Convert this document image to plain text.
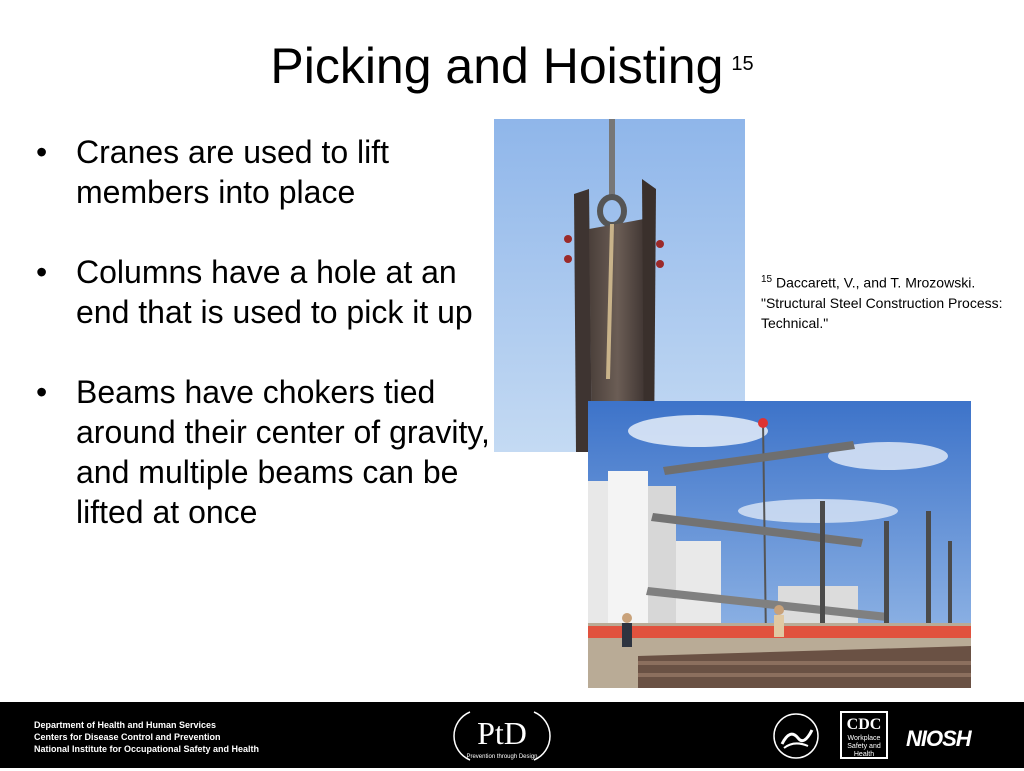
Picking and Hoisting $^{15}$
• Cranes are used to lift members into place
• Columns have a hole at an end that is used to pick it up
• Beams have chokers tied around their center of gravity, and multiple beams can be lifted at once
$^{15}$ Daccarett, V., and T. Mrozowski. "Structural Steel Construction Process: Technical."
Department of Health and Human Services
Centers for Disease Control and Prevention
National Institute for Occupational Safety and Health	PtD
Prevention through Design
CDC
Workplace
Safety and Health
NIOSH
